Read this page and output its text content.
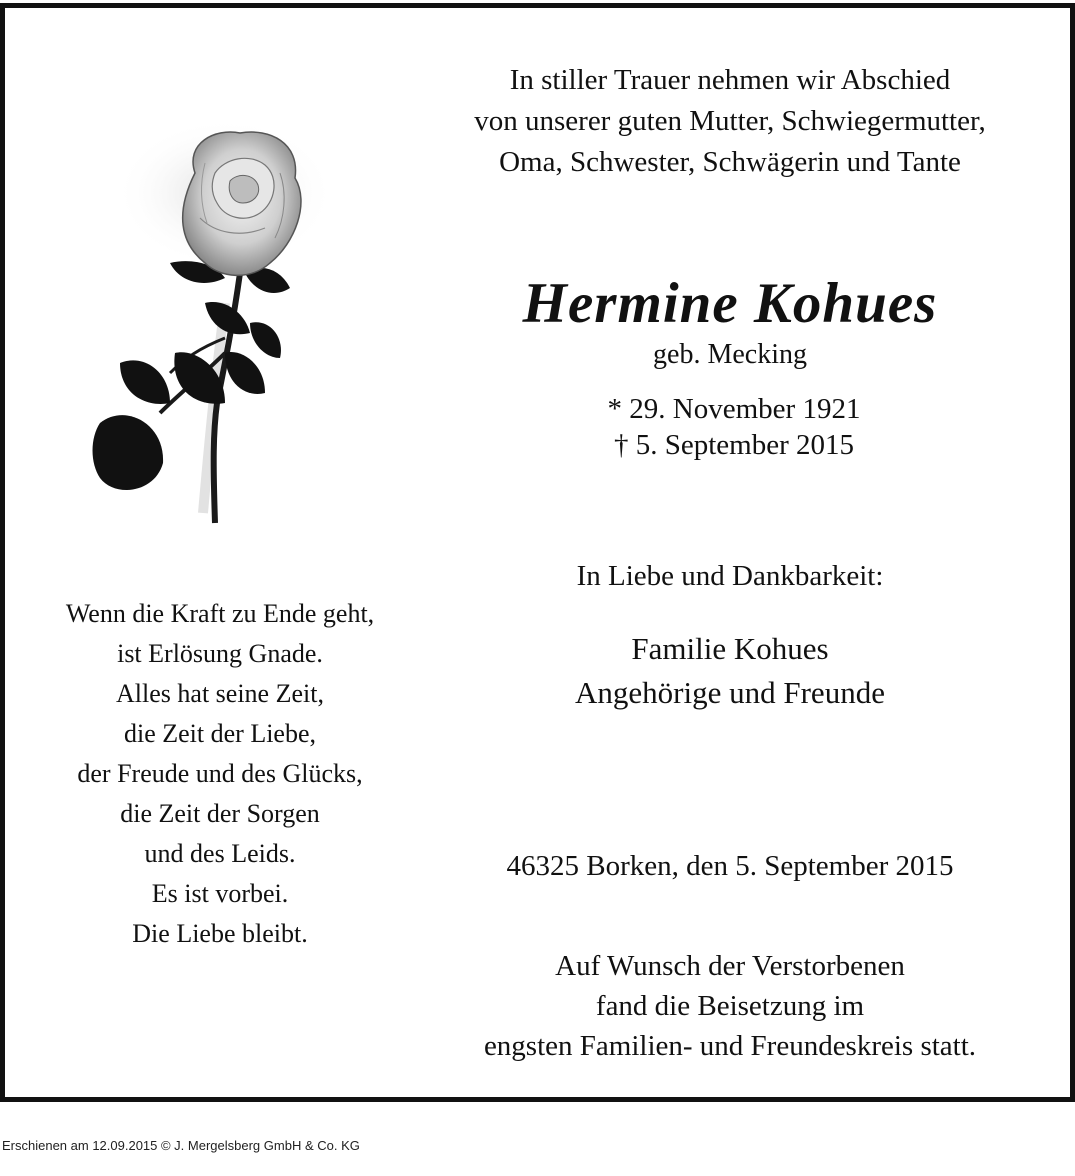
In stiller Trauer nehmen wir Abschied
von unserer guten Mutter, Schwiegermutter,
Oma, Schwester, Schwägerin und Tante
Hermine Kohues
geb. Mecking
* 29. November 1921
† 5. September 2015
In Liebe und Dankbarkeit:
Familie Kohues
Angehörige und Freunde
46325 Borken, den 5. September 2015
Auf Wunsch der Verstorbenen
fand die Beisetzung im
engsten Familien- und Freundeskreis statt.
Wenn die Kraft zu Ende geht,
ist Erlösung Gnade.
Alles hat seine Zeit,
die Zeit der Liebe,
der Freude und des Glücks,
die Zeit der Sorgen
und des Leids.
Es ist vorbei.
Die Liebe bleibt.
Erschienen am 12.09.2015 © J. Mergelsberg GmbH & Co. KG
